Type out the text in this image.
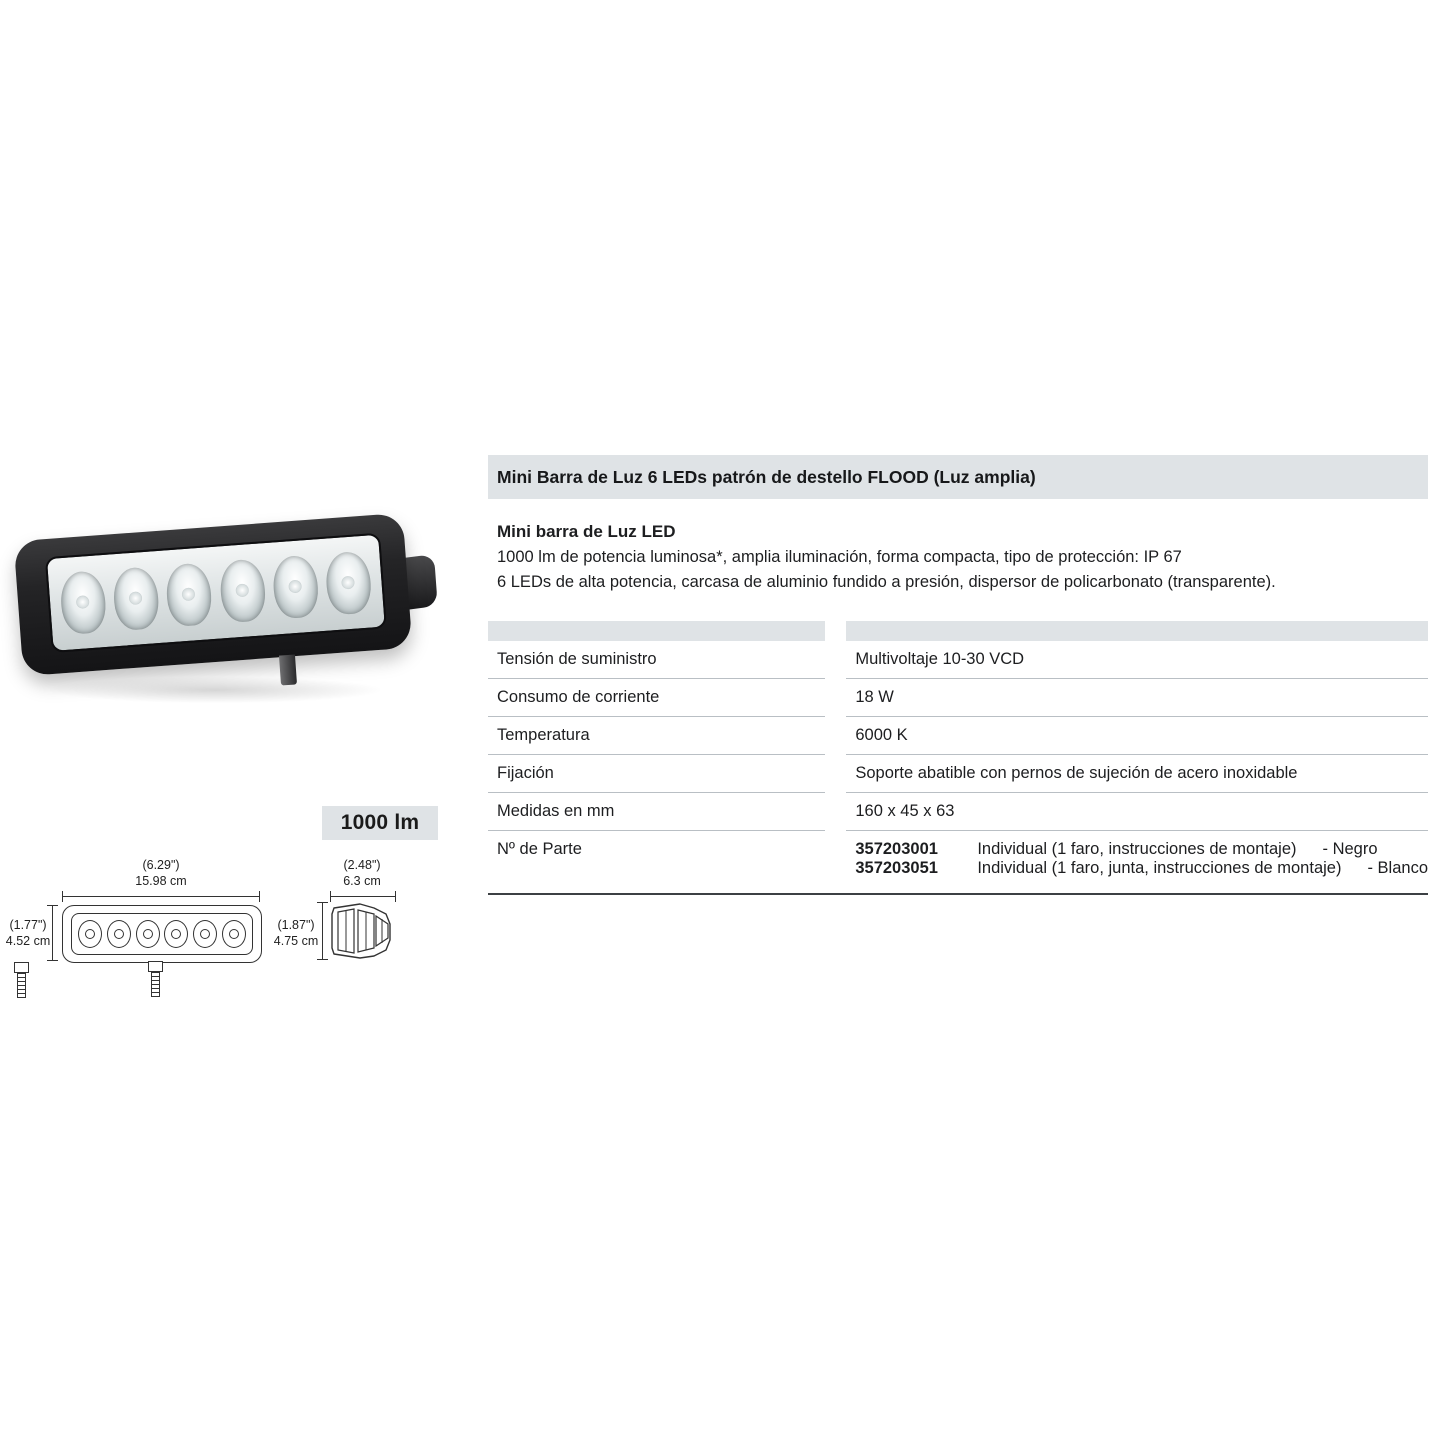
1000 lm
(6.29")
15.98 cm
(1.77")
4.52 cm
(2.48")
6.3 cm
(1.87")
4.75 cm
Mini Barra de Luz 6 LEDs patrón de destello FLOOD (Luz amplia)
Mini barra de Luz LED
1000 lm de potencia luminosa*, amplia iluminación, forma compacta, tipo de protección: IP 67
6 LEDs de alta potencia, carcasa de aluminio fundido a presión, dispersor de policarbonato (transparente).

Tensión de suministro		Multivoltaje 10-30 VCD
Consumo de corriente		18 W
Temperatura		6000 K
Fijación		Soporte abatible con pernos de sujeción de acero inoxidable
Medidas en mm		160 x 45 x 63
Nº de Parte		357203001	Individual (1 faro, instrucciones de montaje) - Negro
357203051	Individual (1 faro, junta, instrucciones de montaje) - Blanco
